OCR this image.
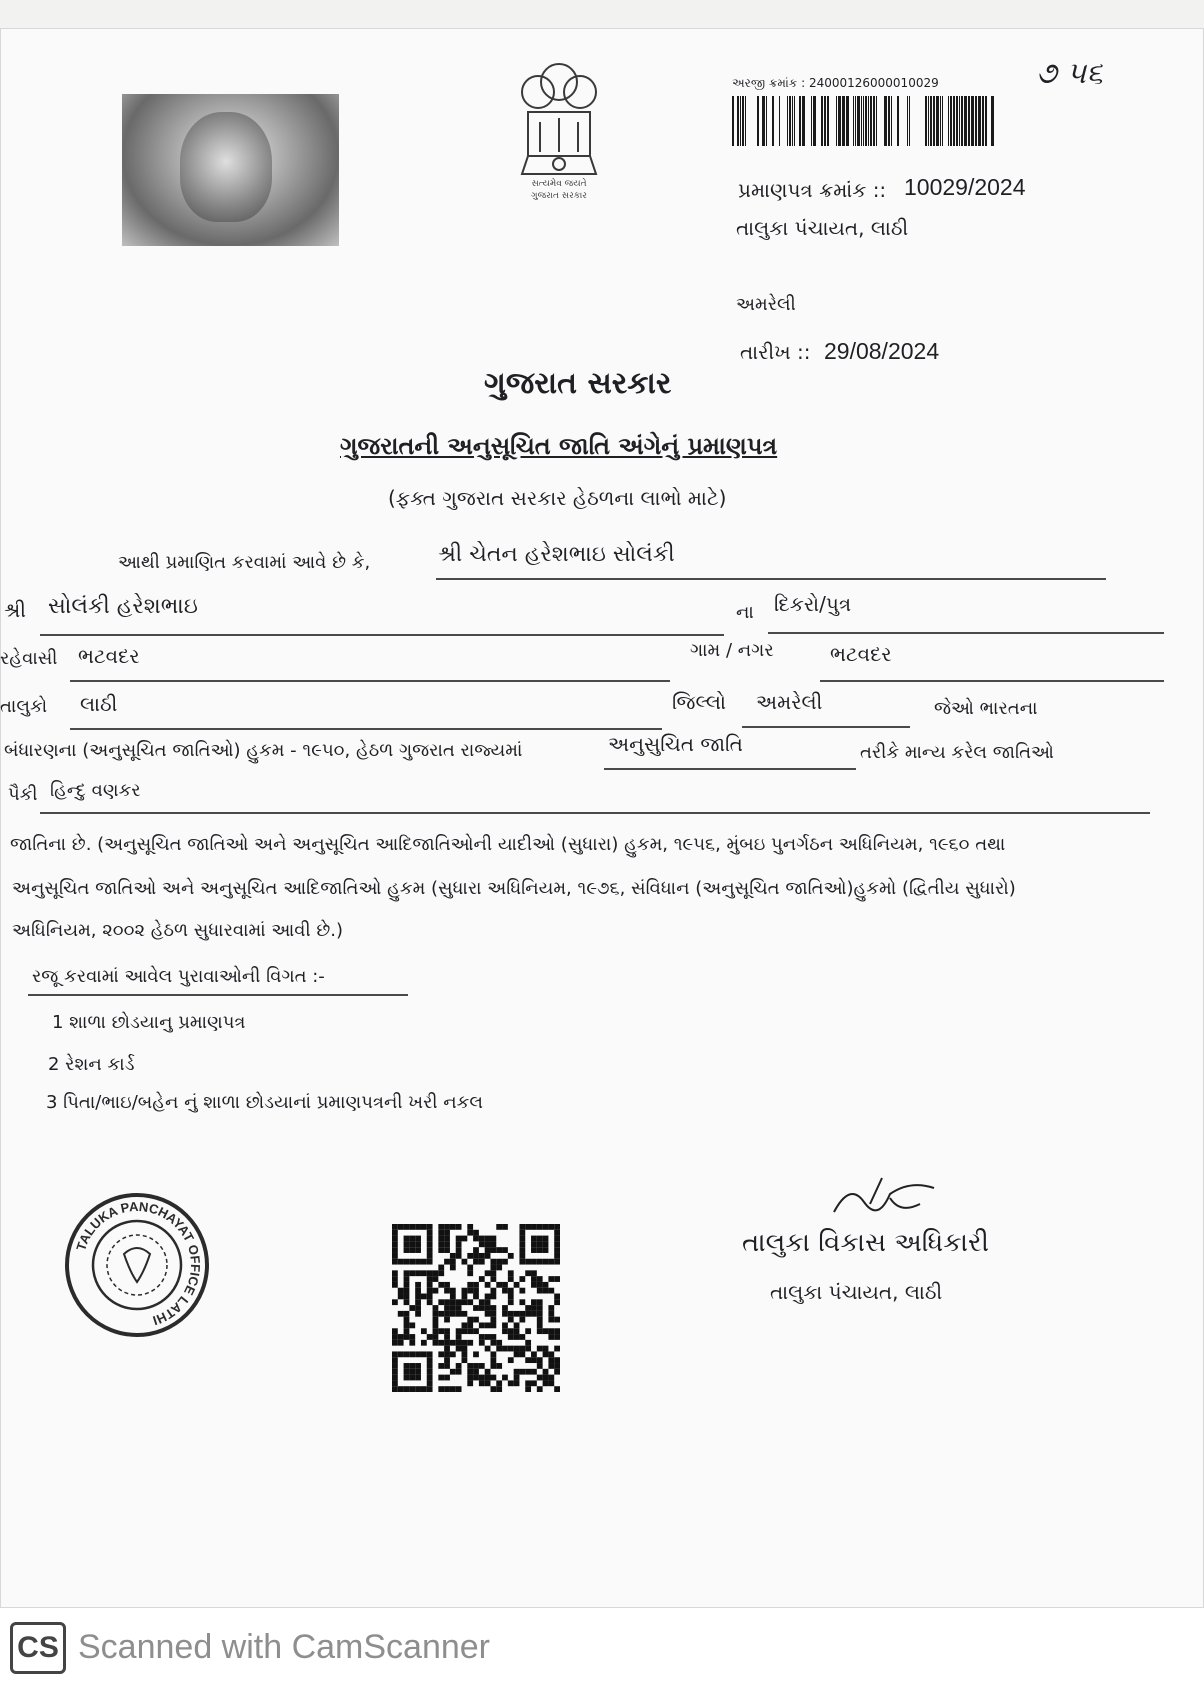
સત્યમેવ જયતે
ગુજરાત સરકાર
અરજી ક્રમાંક : 24000126000010029	૭ ૫૬
પ્રમાણપત્ર ક્રમાંક :: 10029/2024
તાલુકા પંચાયત, લાઠી
અમરેલી
તારીખ :: 29/08/2024
ગુજરાત સરકાર
ગુજરાતની અનુસૂચિત જાતિ અંગેનું પ્રમાણપત્ર
(ફક્ત ગુજરાત સરકાર હેઠળના લાભો માટે)
આથી પ્રમાણિત કરવામાં આવે છે કે,	શ્રી ચેતન હરેશભાઇ સોલંકી
શ્રી સોલંકી હરેશભાઇ	ના દિકરો/પુત્ર
રહેવાસી ભટવદર	ગામ / નગર	ભટવદર
તાલુકો લાઠી	જિલ્લો અમરેલી	જેઓ ભારતના
બંધારણના (અનુસૂચિત જાતિઓ) હુકમ - ૧૯૫૦, હેઠળ ગુજરાત રાજ્યમાં	અનુસુચિત જાતિ	તરીકે માન્ય કરેલ જાતિઓ
પૈકી હિન્દુ વણકર
જાતિના છે. (અનુસૂચિત જાતિઓ અને અનુસૂચિત આદિજાતિઓની યાદીઓ (સુધારા) હુકમ, ૧૯૫૬, મુંબઇ પુનર્ગઠન અધિનિયમ, ૧૯૬૦ તથા
અનુસૂચિત જાતિઓ અને અનુસૂચિત આદિજાતિઓ હુકમ (સુધારા અધિનિયમ, ૧૯૭૬, સંવિધાન (અનુસૂચિત જાતિઓ)હુકમો (દ્વિતીય સુધારો)
અધિનિયમ, ૨૦૦૨ હેઠળ સુધારવામાં આવી છે.)
રજૂ કરવામાં આવેલ પુરાવાઓની વિગત :-
1 શાળા છોડયાનુ પ્રમાણપત્ર
2 રેશન કાર્ડ
3 પિતા/ભાઇ/બહેન નું શાળા છોડયાનાં પ્રમાણપત્રની ખરી નકલ
TALUKA PANCHAYAT OFFICE LATHI
તાલુકા વિકાસ અધિકારી
તાલુકા પંચાયત, લાઠી
CS Scanned with CamScanner
